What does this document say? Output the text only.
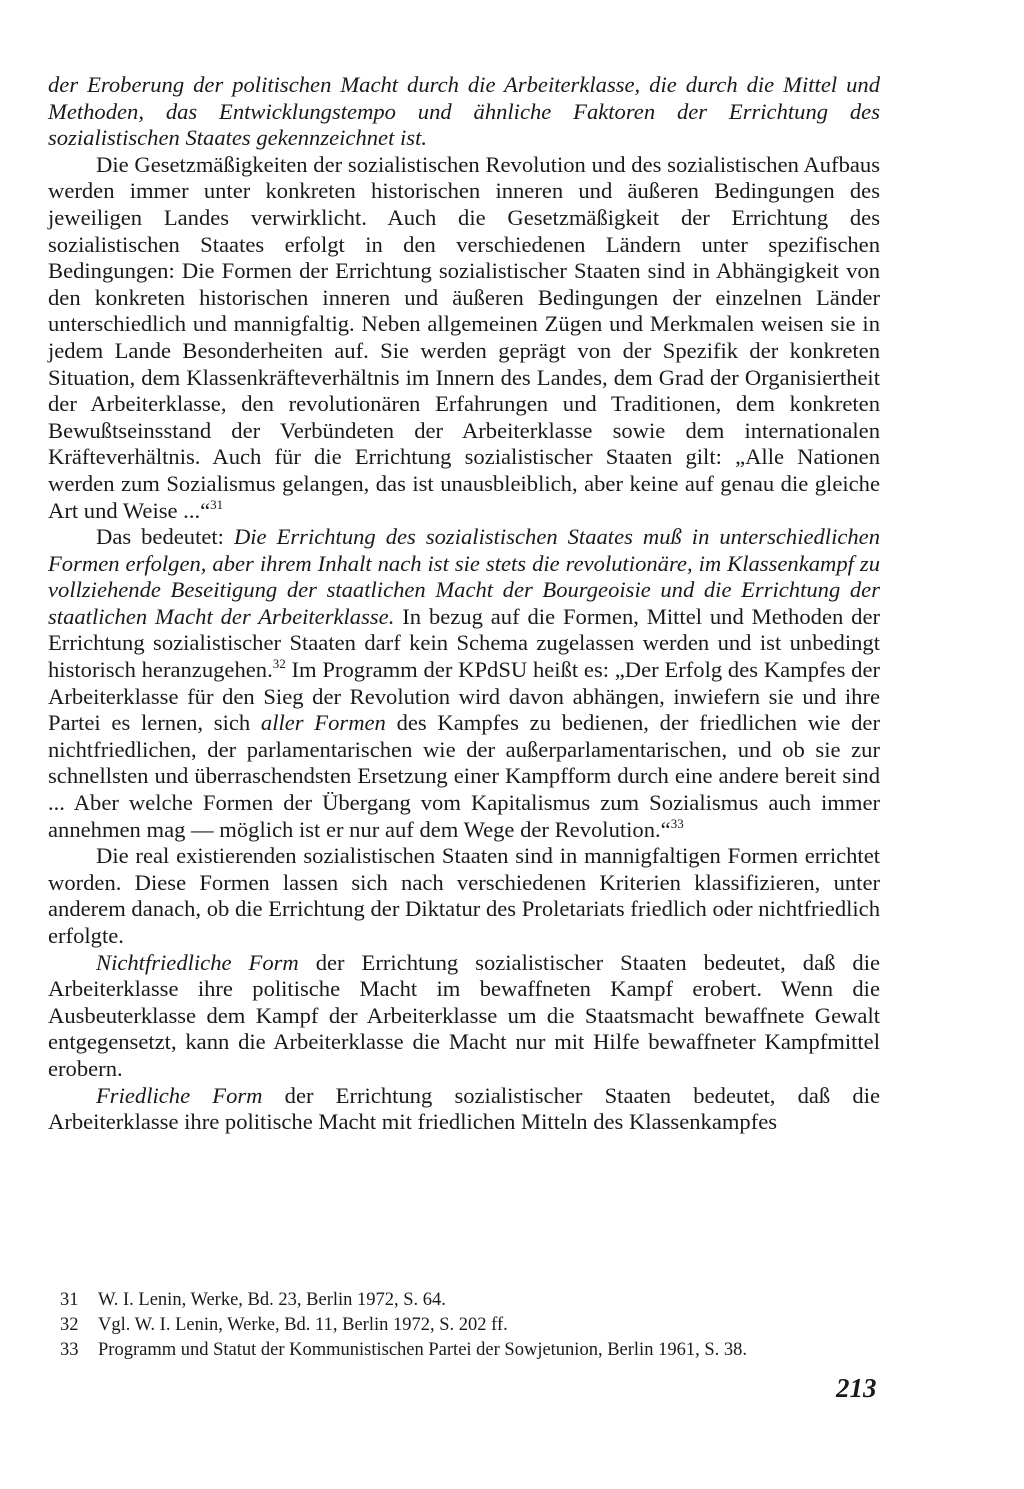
der Eroberung der politischen Macht durch die Arbeiterklasse, die durch die Mittel und Methoden, das Entwicklungstempo und ähnliche Faktoren der Errichtung des sozialistischen Staates gekennzeichnet ist.

Die Gesetzmäßigkeiten der sozialistischen Revolution und des sozialistischen Aufbaus werden immer unter konkreten historischen inneren und äußeren Bedingungen des jeweiligen Landes verwirklicht. Auch die Gesetzmäßigkeit der Errichtung des sozialistischen Staates erfolgt in den verschiedenen Ländern unter spezifischen Bedingungen: Die Formen der Errichtung sozialistischer Staaten sind in Abhängigkeit von den konkreten historischen inneren und äußeren Bedingungen der einzelnen Länder unterschiedlich und mannigfaltig. Neben allgemeinen Zügen und Merkmalen weisen sie in jedem Lande Besonderheiten auf. Sie werden geprägt von der Spezifik der konkreten Situation, dem Klassenkräfteverhältnis im Innern des Landes, dem Grad der Organisiertheit der Arbeiterklasse, den revolutionären Erfahrungen und Traditionen, dem konkreten Bewußtseinsstand der Verbündeten der Arbeiterklasse sowie dem internationalen Kräfteverhältnis. Auch für die Errichtung sozialistischer Staaten gilt: „Alle Nationen werden zum Sozialismus gelangen, das ist unausbleiblich, aber keine auf genau die gleiche Art und Weise ...“$^{31}$

Das bedeutet: Die Errichtung des sozialistischen Staates muß in unterschiedlichen Formen erfolgen, aber ihrem Inhalt nach ist sie stets die revolutionäre, im Klassenkampf zu vollziehende Beseitigung der staatlichen Macht der Bourgeoisie und die Errichtung der staatlichen Macht der Arbeiterklasse. In bezug auf die Formen, Mittel und Methoden der Errichtung sozialistischer Staaten darf kein Schema zugelassen werden und ist unbedingt historisch heranzugehen.$^{32}$ Im Programm der KPdSU heißt es: „Der Erfolg des Kampfes der Arbeiterklasse für den Sieg der Revolution wird davon abhängen, inwiefern sie und ihre Partei es lernen, sich aller Formen des Kampfes zu bedienen, der friedlichen wie der nichtfriedlichen, der parlamentarischen wie der außerparlamentarischen, und ob sie zur schnellsten und überraschendsten Ersetzung einer Kampfform durch eine andere bereit sind ... Aber welche Formen der Übergang vom Kapitalismus zum Sozialismus auch immer annehmen mag — möglich ist er nur auf dem Wege der Revolution.“$^{33}$

Die real existierenden sozialistischen Staaten sind in mannigfaltigen Formen errichtet worden. Diese Formen lassen sich nach verschiedenen Kriterien klassifizieren, unter anderem danach, ob die Errichtung der Diktatur des Proletariats friedlich oder nichtfriedlich erfolgte.

Nichtfriedliche Form der Errichtung sozialistischer Staaten bedeutet, daß die Arbeiterklasse ihre politische Macht im bewaffneten Kampf erobert. Wenn die Ausbeuterklasse dem Kampf der Arbeiterklasse um die Staatsmacht bewaffnete Gewalt entgegensetzt, kann die Arbeiterklasse die Macht nur mit Hilfe bewaffneter Kampfmittel erobern.

Friedliche Form der Errichtung sozialistischer Staaten bedeutet, daß die Arbeiterklasse ihre politische Macht mit friedlichen Mitteln des Klassenkampfes

31	W. I. Lenin, Werke, Bd. 23, Berlin 1972, S. 64.
32	Vgl. W. I. Lenin, Werke, Bd. 11, Berlin 1972, S. 202 ff.
33	Programm und Statut der Kommunistischen Partei der Sowjetunion, Berlin 1961, S. 38.
213
